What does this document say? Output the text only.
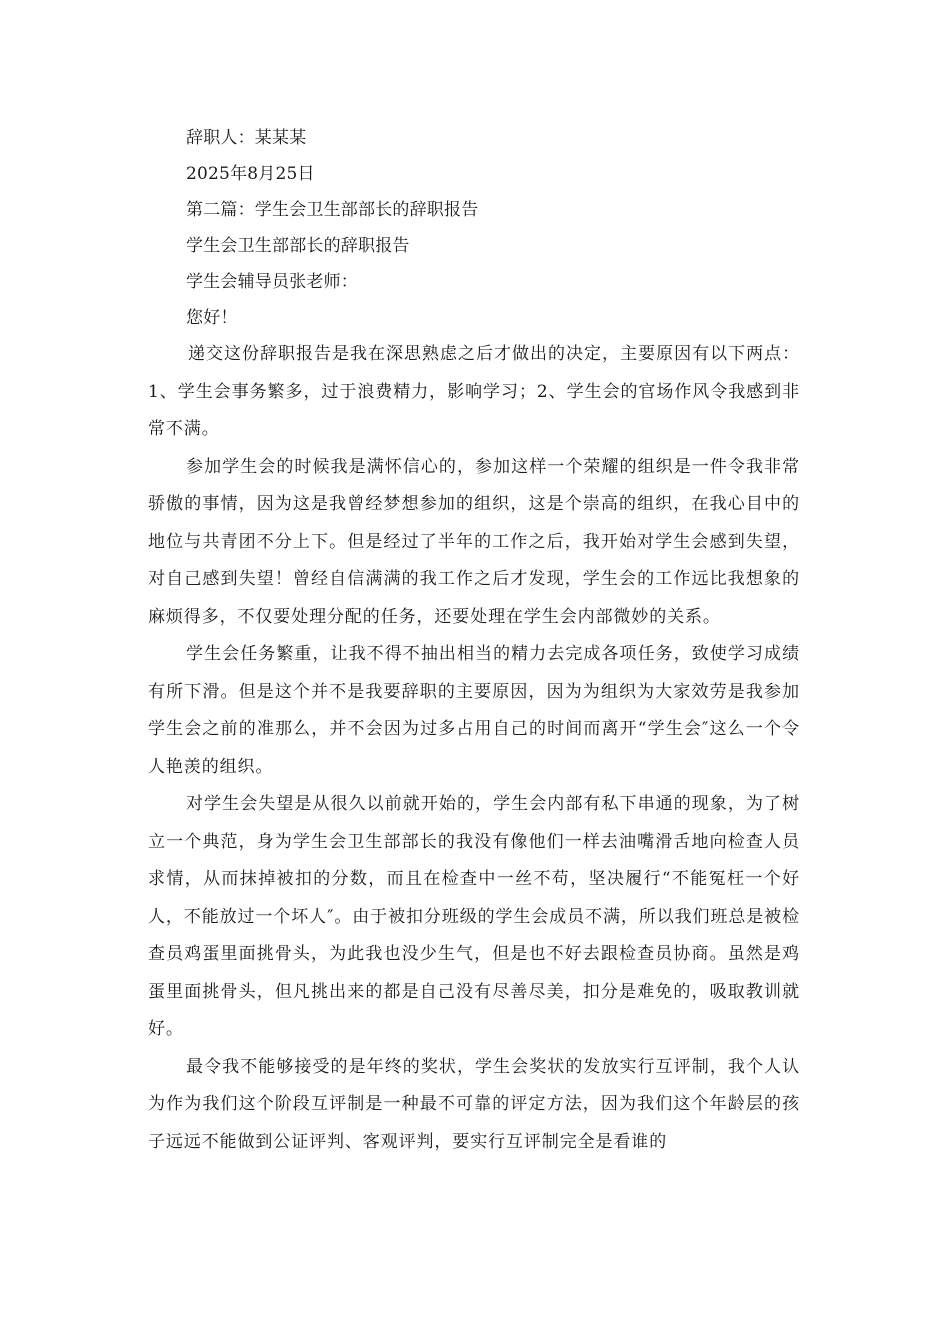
辞职人：某某某
2025年8月25日
第二篇：学生会卫生部部长的辞职报告
学生会卫生部部长的辞职报告
学生会辅导员张老师：
您好！

递交这份辞职报告是我在深思熟虑之后才做出的决定，主要原因有以下两点：1、学生会事务繁多，过于浪费精力，影响学习；2、学生会的官场作风令我感到非常不满。

参加学生会的时候我是满怀信心的，参加这样一个荣耀的组织是一件令我非常骄傲的事情，因为这是我曾经梦想参加的组织，这是个崇高的组织，在我心目中的地位与共青团不分上下。但是经过了半年的工作之后，我开始对学生会感到失望，对自己感到失望！曾经自信满满的我工作之后才发现，学生会的工作远比我想象的麻烦得多，不仅要处理分配的任务，还要处理在学生会内部微妙的关系。

学生会任务繁重，让我不得不抽出相当的精力去完成各项任务，致使学习成绩有所下滑。但是这个并不是我要辞职的主要原因，因为为组织为大家效劳是我参加学生会之前的准那么，并不会因为过多占用自己的时间而离开“学生会″这么一个令人艳羡的组织。

对学生会失望是从很久以前就开始的，学生会内部有私下串通的现象，为了树立一个典范，身为学生会卫生部部长的我没有像他们一样去油嘴滑舌地向检查人员求情，从而抹掉被扣的分数，而且在检查中一丝不苟，坚决履行“不能冤枉一个好人，不能放过一个坏人″。由于被扣分班级的学生会成员不满，所以我们班总是被检查员鸡蛋里面挑骨头，为此我也没少生气，但是也不好去跟检查员协商。虽然是鸡蛋里面挑骨头，但凡挑出来的都是自己没有尽善尽美，扣分是难免的，吸取教训就好。

最令我不能够接受的是年终的奖状，学生会奖状的发放实行互评制，我个人认为作为我们这个阶段互评制是一种最不可靠的评定方法，因为我们这个年龄层的孩子远远不能做到公证评判、客观评判，要实行互评制完全是看谁的
